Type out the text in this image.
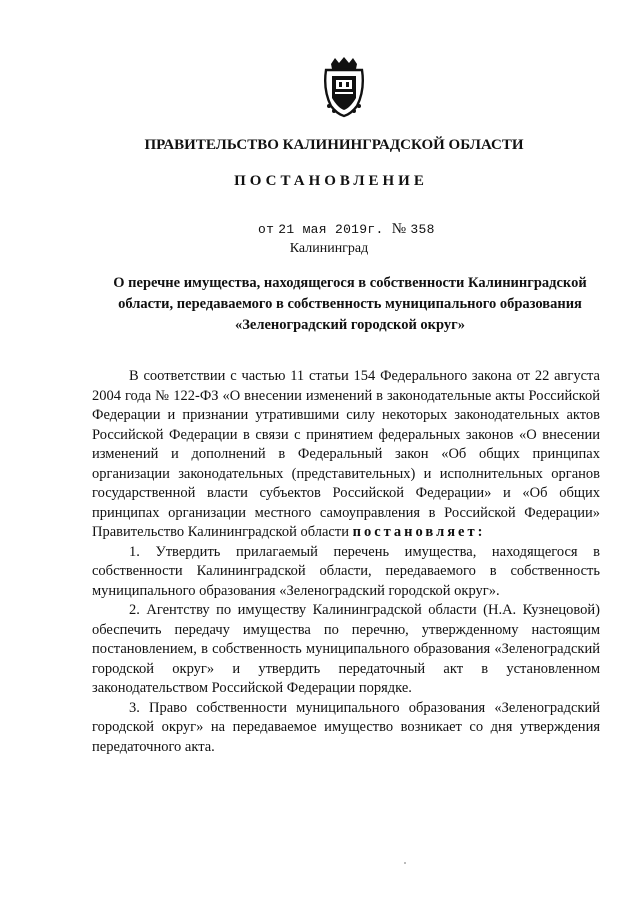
ПРАВИТЕЛЬСТВО КАЛИНИНГРАДСКОЙ ОБЛАСТИ
ПОСТАНОВЛЕНИЕ
от 21 мая 2019г. № 358
Калининград
О перечне имущества, находящегося в собственности Калининградской области, передаваемого в собственность муниципального образования «Зеленоградский городской округ»

В соответствии с частью 11 статьи 154 Федерального закона от 22 августа 2004 года № 122-ФЗ «О внесении изменений в законодательные акты Российской Федерации и признании утратившими силу некоторых законодательных актов Российской Федерации в связи с принятием федеральных законов «О внесении изменений и дополнений в Федеральный закон «Об общих принципах организации законодательных (представительных) и исполнительных органов государственной власти субъектов Российской Федерации» и «Об общих принципах организации местного самоуправления в Российской Федерации» Правительство Калининградской области постановляет:

1. Утвердить прилагаемый перечень имущества, находящегося в собственности Калининградской области, передаваемого в собственность муниципального образования «Зеленоградский городской округ».

2. Агентству по имуществу Калининградской области (Н.А. Кузнецовой) обеспечить передачу имущества по перечню, утвержденному настоящим постановлением, в собственность муниципального образования «Зеленоградский городской округ» и утвердить передаточный акт в установленном законодательством Российской Федерации порядке.

3. Право собственности муниципального образования «Зеленоградский городской округ» на передаваемое имущество возникает со дня утверждения передаточного акта.
